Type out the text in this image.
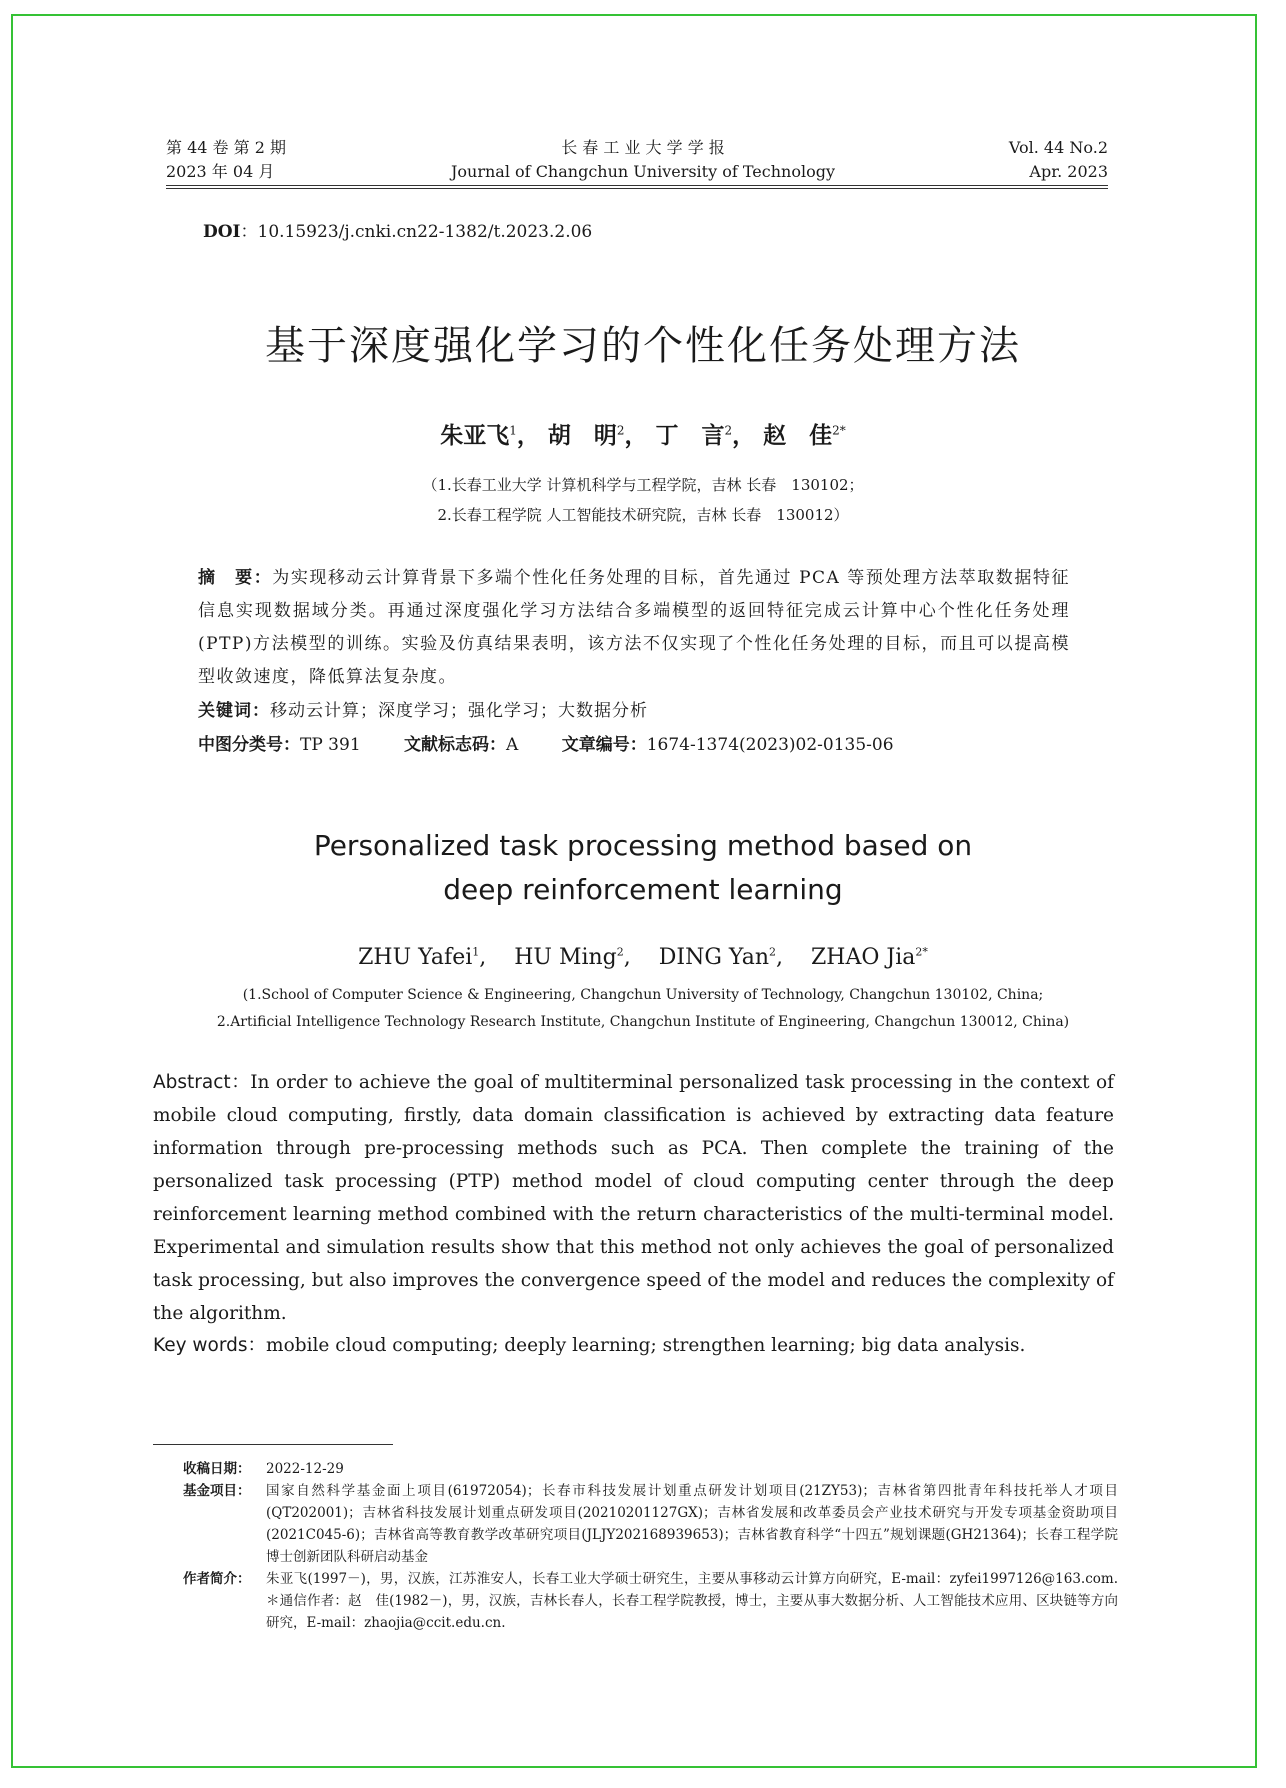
第 44 卷 第 2 期
2023 年 04 月
长 春 工 业 大 学 学 报
Journal of Changchun University of Technology
Vol. 44 No.2
Apr. 2023
DOI：10.15923/j.cnki.cn22-1382/t.2023.2.06
基于深度强化学习的个性化任务处理方法
朱亚飞$^1$， 胡　明$^2$， 丁　言$^2$， 赵　佳$^{2*}$
（1.长春工业大学 计算机科学与工程学院，吉林 长春　130102；
2.长春工程学院 人工智能技术研究院，吉林 长春　130012）
摘　要：为实现移动云计算背景下多端个性化任务处理的目标，首先通过 PCA 等预处理方法萃取数据特征信息实现数据域分类。再通过深度强化学习方法结合多端模型的返回特征完成云计算中心个性化任务处理(PTP)方法模型的训练。实验及仿真结果表明，该方法不仅实现了个性化任务处理的目标，而且可以提高模型收敛速度，降低算法复杂度。
关键词：移动云计算；深度学习；强化学习；大数据分析
中图分类号：TP 391	文献标志码：A	文章编号：1674-1374(2023)02-0135-06
Personalized task processing method based on
deep reinforcement learning
ZHU Yafei$^1$, HU Ming$^2$, DING Yan$^2$, ZHAO Jia$^{2*}$
(1.School of Computer Science & Engineering, Changchun University of Technology, Changchun 130102, China;
2.Artificial Intelligence Technology Research Institute, Changchun Institute of Engineering, Changchun 130012, China)
Abstract：In order to achieve the goal of multiterminal personalized task processing in the context of mobile cloud computing, firstly, data domain classification is achieved by extracting data feature information through pre-processing methods such as PCA. Then complete the training of the personalized task processing (PTP) method model of cloud computing center through the deep reinforcement learning method combined with the return characteristics of the multi-terminal model. Experimental and simulation results show that this method not only achieves the goal of personalized task processing, but also improves the convergence speed of the model and reduces the complexity of the algorithm.
Key words：mobile cloud computing; deeply learning; strengthen learning; big data analysis.
收稿日期：	2022-12-29
基金项目：	国家自然科学基金面上项目(61972054)；长春市科技发展计划重点研发计划项目(21ZY53)；吉林省第四批青年科技托举人才项目(QT202001)；吉林省科技发展计划重点研发项目(20210201127GX)；吉林省发展和改革委员会产业技术研究与开发专项基金资助项目(2021C045-6)；吉林省高等教育教学改革研究项目(JLJY202168939653)；吉林省教育科学“十四五”规划课题(GH21364)；长春工程学院博士创新团队科研启动基金
作者简介：	朱亚飞(1997－)，男，汉族，江苏淮安人，长春工业大学硕士研究生，主要从事移动云计算方向研究，E-mail：zyfei1997126@163.com. ＊通信作者：赵　佳(1982－)，男，汉族，吉林长春人，长春工程学院教授，博士，主要从事大数据分析、人工智能技术应用、区块链等方向研究，E-mail：zhaojia@ccit.edu.cn.
